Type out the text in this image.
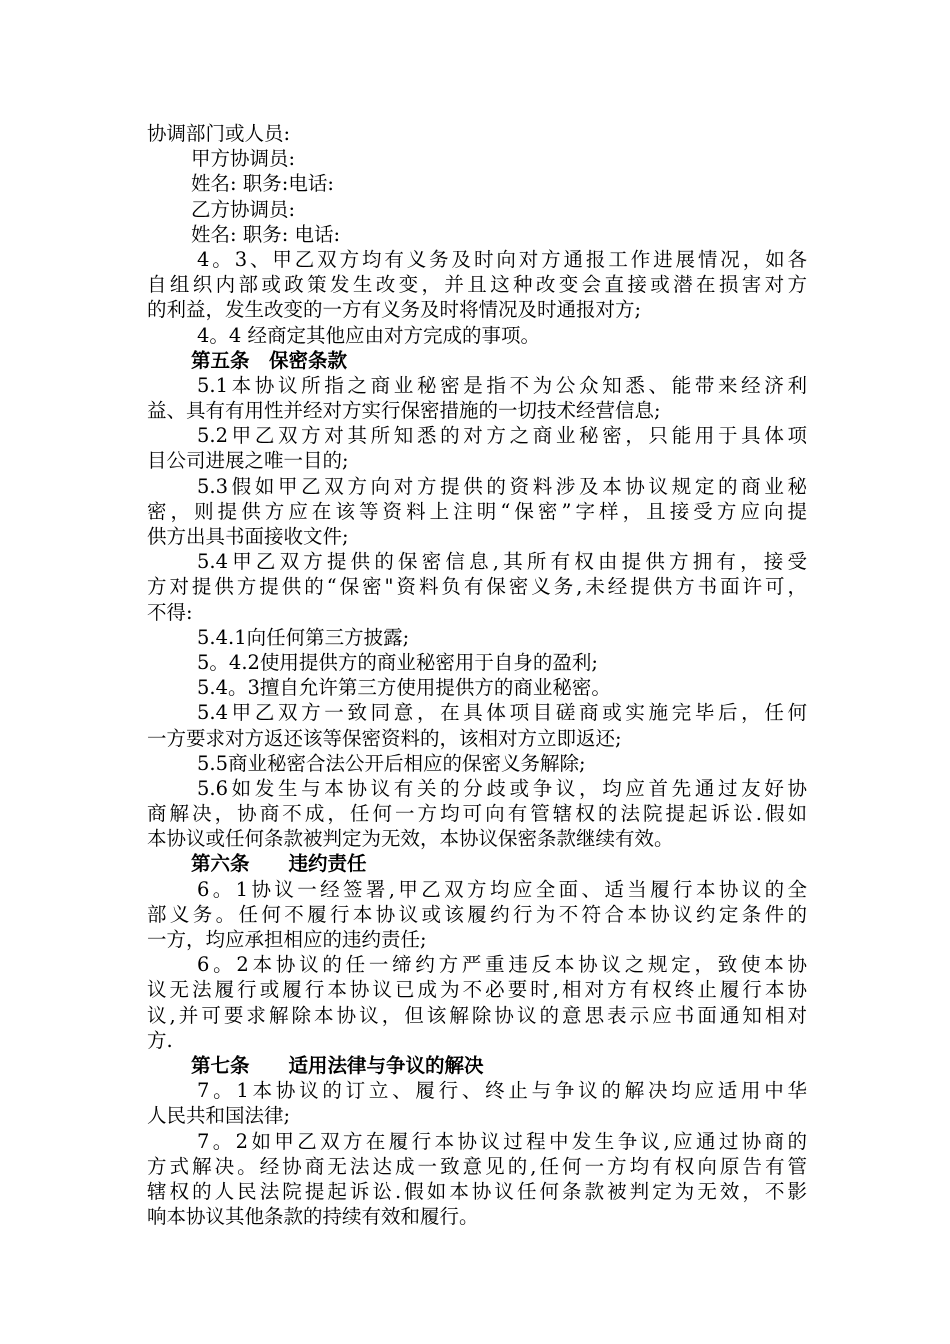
协调部门或人员:
甲方协调员:
姓名: 职务:电话:
乙方协调员:
姓名: 职务: 电话:
4。3、甲乙双方均有义务及时向对方通报工作进展情况，如各
自组织内部或政策发生改变，并且这种改变会直接或潜在损害对方
的利益，发生改变的一方有义务及时将情况及时通报对方;
4。4 经商定其他应由对方完成的事项。
第五条　保密条款
5.1本协议所指之商业秘密是指不为公众知悉、能带来经济利
益、具有有用性并经对方实行保密措施的一切技术经营信息;
5.2甲乙双方对其所知悉的对方之商业秘密，只能用于具体项
目公司进展之唯一目的;
5.3假如甲乙双方向对方提供的资料涉及本协议规定的商业秘
密，则提供方应在该等资料上注明“保密”字样，且接受方应向提
供方出具书面接收文件;
5.4甲乙双方提供的保密信息,其所有权由提供方拥有，接受
方对提供方提供的“保密"资料负有保密义务,未经提供方书面许可，
不得:
5.4.1向任何第三方披露;
5。4.2使用提供方的商业秘密用于自身的盈利;
5.4。3擅自允许第三方使用提供方的商业秘密。
5.4甲乙双方一致同意，在具体项目磋商或实施完毕后，任何
一方要求对方返还该等保密资料的，该相对方立即返还;
5.5商业秘密合法公开后相应的保密义务解除;
5.6如发生与本协议有关的分歧或争议，均应首先通过友好协
商解决，协商不成，任何一方均可向有管辖权的法院提起诉讼.假如
本协议或任何条款被判定为无效，本协议保密条款继续有效。
第六条　　违约责任
6。1协议一经签署,甲乙双方均应全面、适当履行本协议的全
部义务。任何不履行本协议或该履约行为不符合本协议约定条件的
一方，均应承担相应的违约责任;
6。2本协议的任一缔约方严重违反本协议之规定，致使本协
议无法履行或履行本协议已成为不必要时,相对方有权终止履行本协
议,并可要求解除本协议，但该解除协议的意思表示应书面通知相对
方.
第七条　　适用法律与争议的解决
7。1本协议的订立、履行、终止与争议的解决均应适用中华
人民共和国法律;
7。2如甲乙双方在履行本协议过程中发生争议,应通过协商的
方式解决。经协商无法达成一致意见的,任何一方均有权向原告有管
辖权的人民法院提起诉讼.假如本协议任何条款被判定为无效，不影
响本协议其他条款的持续有效和履行。
